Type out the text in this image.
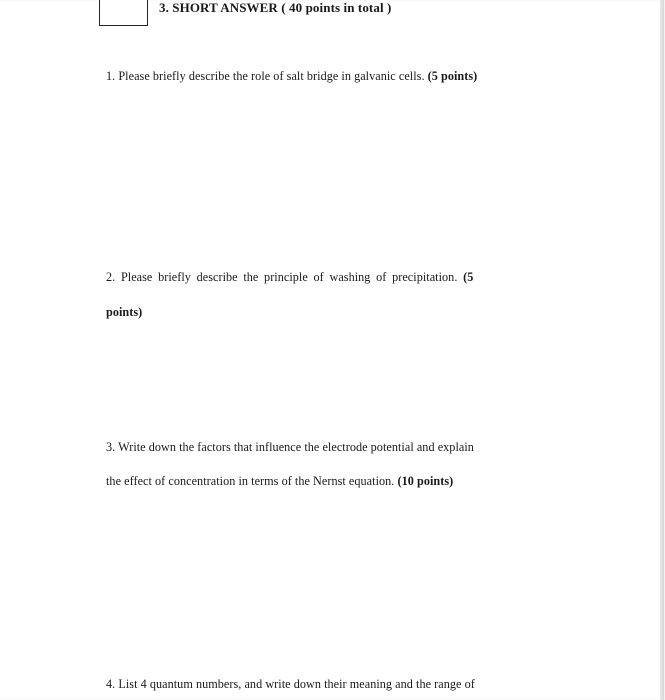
3. SHORT ANSWER ( 40 points in total )
1. Please briefly describe the role of salt bridge in galvanic cells. (5 points)
2. Please briefly describe the principle of washing of precipitation. (5
points)
3. Write down the factors that influence the electrode potential and explain
the effect of concentration in terms of the Nernst equation. (10 points)
4. List 4 quantum numbers, and write down their meaning and the range of
